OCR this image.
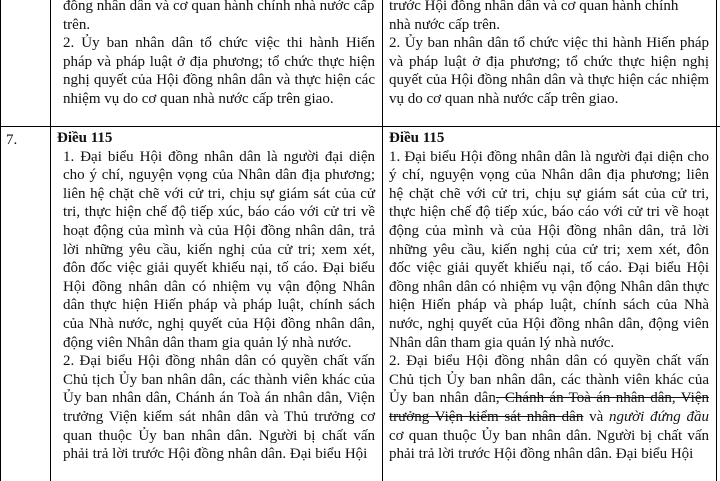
đồng nhân dân và cơ quan hành chính nhà nước cấp
trên.

2. Ủy ban nhân dân tổ chức việc thi hành Hiến pháp và pháp luật ở địa phương; tổ chức thực hiện nghị quyết của Hội đồng nhân dân và thực hiện các nhiệm vụ do cơ quan nhà nước cấp trên giao.

trước Hội đồng nhân dân và cơ quan hành chính
nhà nước cấp trên.

2. Ủy ban nhân dân tổ chức việc thi hành Hiến pháp và pháp luật ở địa phương; tổ chức thực hiện nghị quyết của Hội đồng nhân dân và thực hiện các nhiệm vụ do cơ quan nhà nước cấp trên giao.

7.	Điều 115

1. Đại biểu Hội đồng nhân dân là người đại diện cho ý chí, nguyện vọng của Nhân dân địa phương; liên hệ chặt chẽ với cử tri, chịu sự giám sát của cử tri, thực hiện chế độ tiếp xúc, báo cáo với cử tri về hoạt động của mình và của Hội đồng nhân dân, trả lời những yêu cầu, kiến nghị của cử tri; xem xét, đôn đốc việc giải quyết khiếu nại, tố cáo. Đại biểu Hội đồng nhân dân có nhiệm vụ vận động Nhân dân thực hiện Hiến pháp và pháp luật, chính sách của Nhà nước, nghị quyết của Hội đồng nhân dân, động viên Nhân dân tham gia quản lý nhà nước.

2. Đại biểu Hội đồng nhân dân có quyền chất vấn Chủ tịch Ủy ban nhân dân, các thành viên khác của Ủy ban nhân dân, Chánh án Toà án nhân dân, Viện trưởng Viện kiểm sát nhân dân và Thủ trưởng cơ quan thuộc Ủy ban nhân dân. Người bị chất vấn phải trả lời trước Hội đồng nhân dân. Đại biểu Hội

Điều 115

1. Đại biểu Hội đồng nhân dân là người đại diện cho ý chí, nguyện vọng của Nhân dân địa phương; liên hệ chặt chẽ với cử tri, chịu sự giám sát của cử tri, thực hiện chế độ tiếp xúc, báo cáo với cử tri về hoạt động của mình và của Hội đồng nhân dân, trả lời những yêu cầu, kiến nghị của cử tri; xem xét, đôn đốc việc giải quyết khiếu nại, tố cáo. Đại biểu Hội đồng nhân dân có nhiệm vụ vận động Nhân dân thực hiện Hiến pháp và pháp luật, chính sách của Nhà nước, nghị quyết của Hội đồng nhân dân, động viên Nhân dân tham gia quản lý nhà nước.

2. Đại biểu Hội đồng nhân dân có quyền chất vấn Chủ tịch Ủy ban nhân dân, các thành viên khác của Ủy ban nhân dân, Chánh án Toà án nhân dân, Viện trưởng Viện kiểm sát nhân dân và người đứng đầu cơ quan thuộc Ủy ban nhân dân. Người bị chất vấn phải trả lời trước Hội đồng nhân dân. Đại biểu Hội
